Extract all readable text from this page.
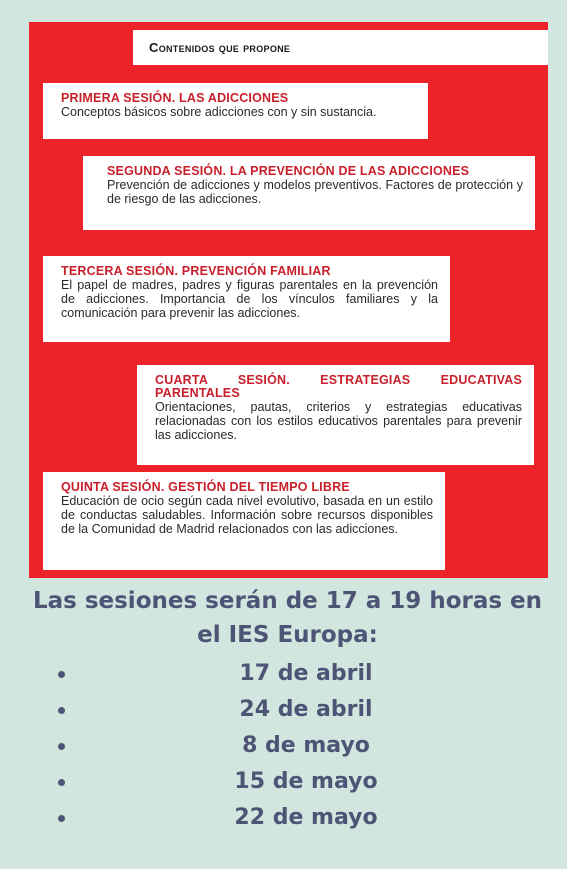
Contenidos que propone
PRIMERA SESIÓN. LAS ADICCIONES
Conceptos básicos sobre adicciones con y sin sustancia.
SEGUNDA SESIÓN. LA PREVENCIÓN DE LAS ADICCIONES
Prevención de adicciones y modelos preventivos. Factores de protección y de riesgo de las adicciones.
TERCERA SESIÓN. PREVENCIÓN FAMILIAR
El papel de madres, padres y figuras parentales en la prevención de adicciones. Importancia de los vínculos familiares y la comunicación para prevenir las adicciones.
CUARTA SESIÓN. ESTRATEGIAS EDUCATIVAS PARENTALES
Orientaciones, pautas, criterios y estrategias educativas relacionadas con los estilos educativos parentales para prevenir las adicciones.
QUINTA SESIÓN. GESTIÓN DEL TIEMPO LIBRE
Educación de ocio según cada nivel evolutivo, basada en un estilo de conductas saludables. Información sobre recursos disponibles de la Comunidad de Madrid relacionados con las adicciones.
Las sesiones serán de 17 a 19 horas en el IES Europa:
17 de abril
24 de abril
8 de mayo
15 de mayo
22 de mayo
